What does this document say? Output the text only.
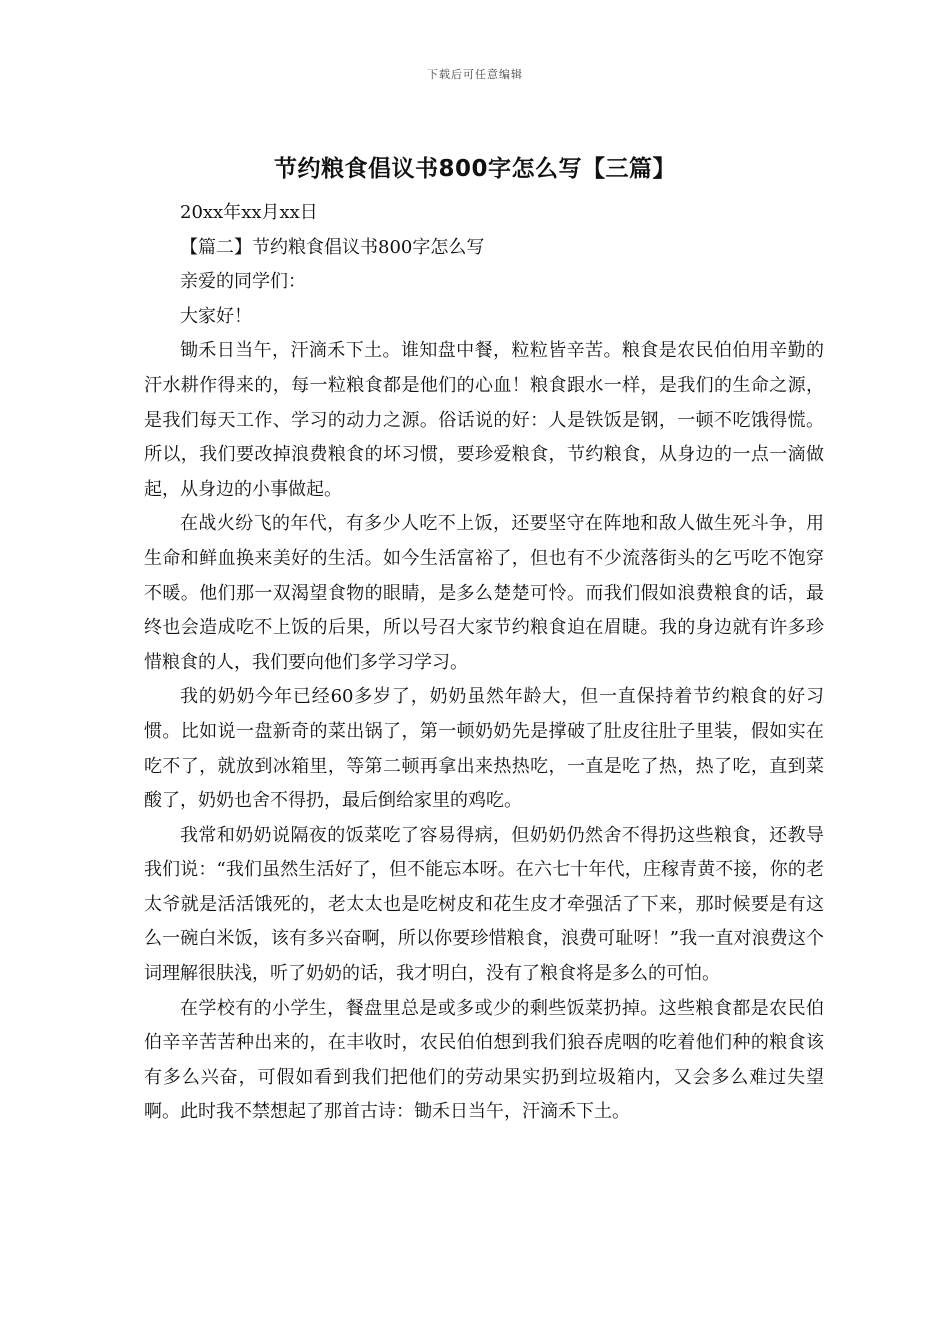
下载后可任意编辑
节约粮食倡议书800字怎么写【三篇】

20xx年xx月xx日

【篇二】节约粮食倡议书800字怎么写

亲爱的同学们：

大家好！

锄禾日当午，汗滴禾下土。谁知盘中餐，粒粒皆辛苦。粮食是农民伯伯用辛勤的汗水耕作得来的，每一粒粮食都是他们的心血！粮食跟水一样，是我们的生命之源，是我们每天工作、学习的动力之源。俗话说的好：人是铁饭是钢，一顿不吃饿得慌。所以，我们要改掉浪费粮食的坏习惯，要珍爱粮食，节约粮食，从身边的一点一滴做起，从身边的小事做起。

在战火纷飞的年代，有多少人吃不上饭，还要坚守在阵地和敌人做生死斗争，用生命和鲜血换来美好的生活。如今生活富裕了，但也有不少流落街头的乞丐吃不饱穿不暖。他们那一双渴望食物的眼睛，是多么楚楚可怜。而我们假如浪费粮食的话，最终也会造成吃不上饭的后果，所以号召大家节约粮食迫在眉睫。我的身边就有许多珍惜粮食的人，我们要向他们多学习学习。

我的奶奶今年已经60多岁了，奶奶虽然年龄大，但一直保持着节约粮食的好习惯。比如说一盘新奇的菜出锅了，第一顿奶奶先是撑破了肚皮往肚子里装，假如实在吃不了，就放到冰箱里，等第二顿再拿出来热热吃，一直是吃了热，热了吃，直到菜酸了，奶奶也舍不得扔，最后倒给家里的鸡吃。

我常和奶奶说隔夜的饭菜吃了容易得病，但奶奶仍然舍不得扔这些粮食，还教导我们说：“我们虽然生活好了，但不能忘本呀。在六七十年代，庄稼青黄不接，你的老太爷就是活活饿死的，老太太也是吃树皮和花生皮才牵强活了下来，那时候要是有这么一碗白米饭，该有多兴奋啊，所以你要珍惜粮食，浪费可耻呀！”我一直对浪费这个词理解很肤浅，听了奶奶的话，我才明白，没有了粮食将是多么的可怕。

在学校有的小学生，餐盘里总是或多或少的剩些饭菜扔掉。这些粮食都是农民伯伯辛辛苦苦种出来的，在丰收时，农民伯伯想到我们狼吞虎咽的吃着他们种的粮食该有多么兴奋，可假如看到我们把他们的劳动果实扔到垃圾箱内，又会多么难过失望啊。此时我不禁想起了那首古诗：锄禾日当午，汗滴禾下土。
